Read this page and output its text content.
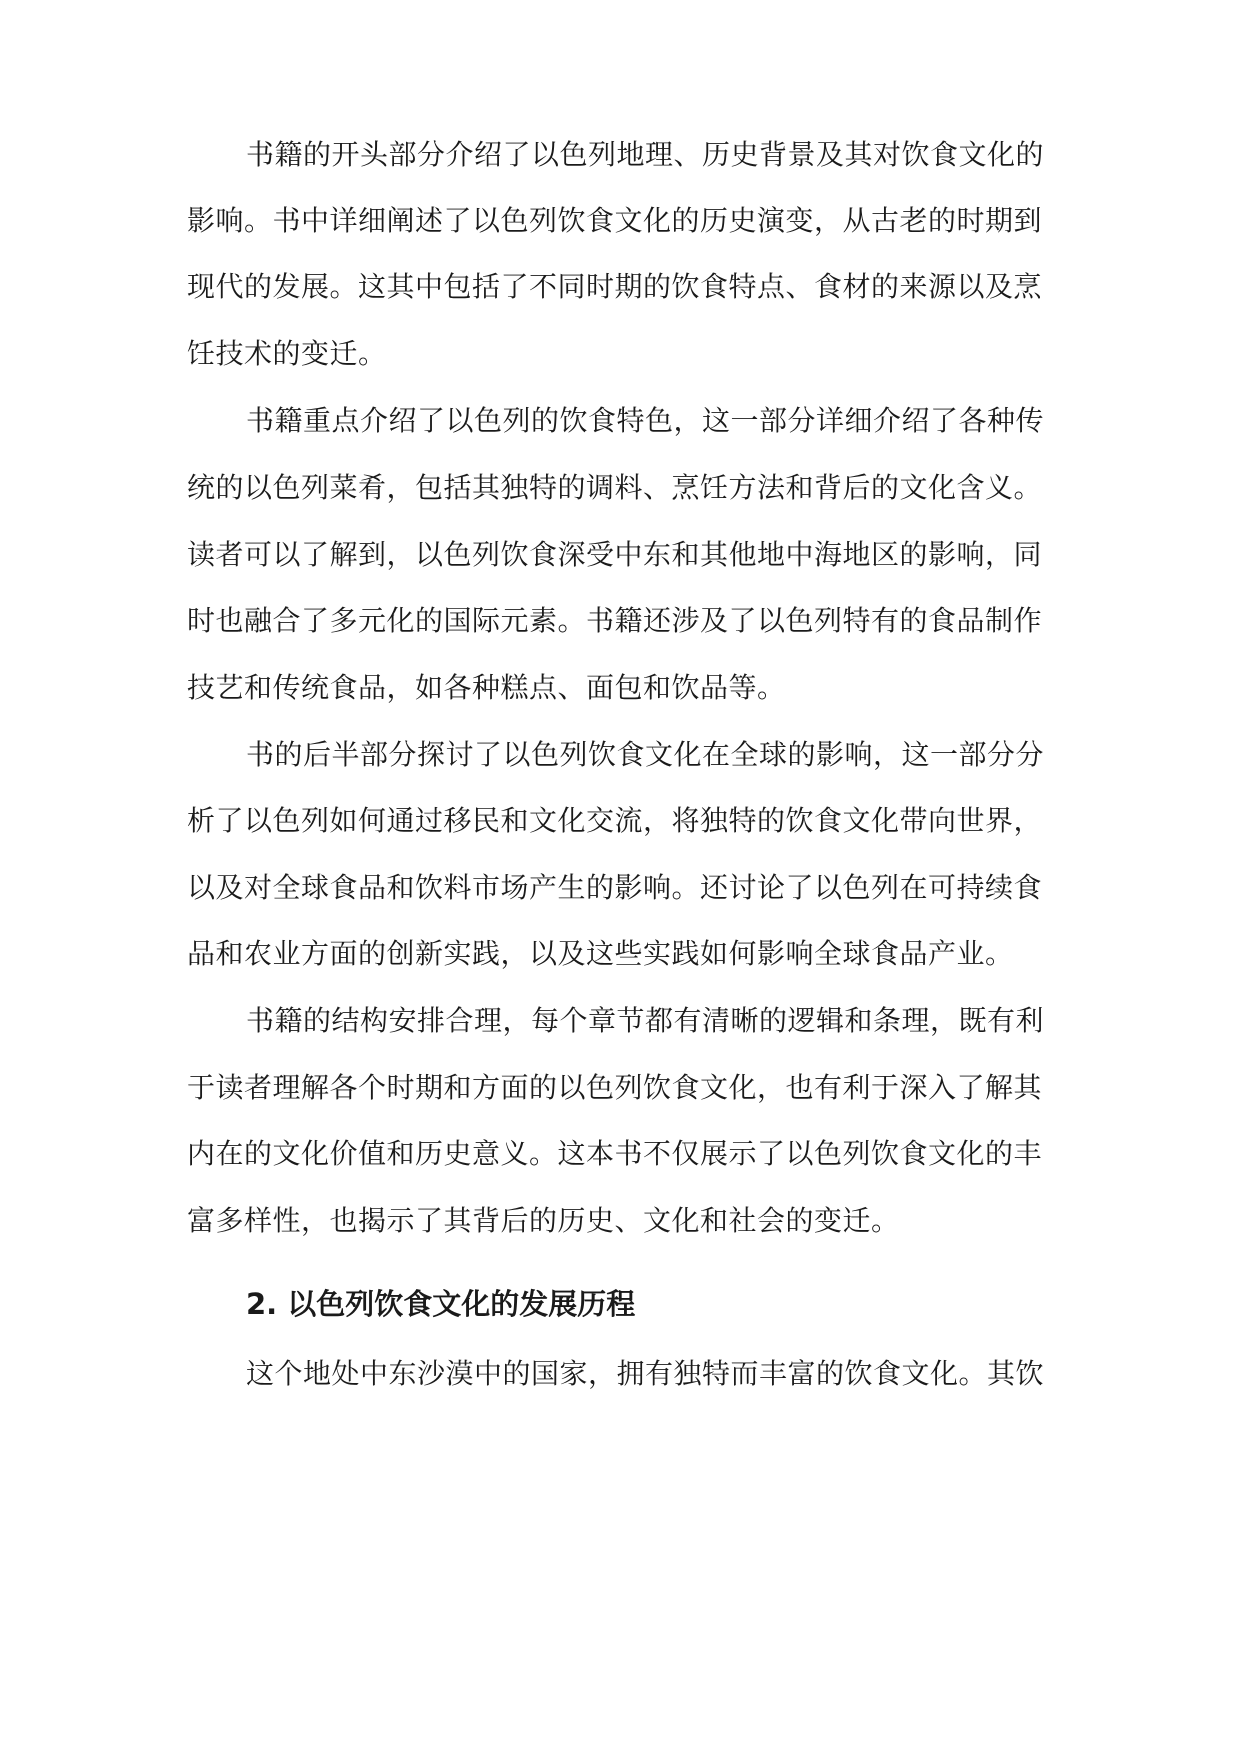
书籍的开头部分介绍了以色列地理、历史背景及其对饮食文化的
影响。书中详细阐述了以色列饮食文化的历史演变，从古老的时期到
现代的发展。这其中包括了不同时期的饮食特点、食材的来源以及烹
饪技术的变迁。
书籍重点介绍了以色列的饮食特色，这一部分详细介绍了各种传
统的以色列菜肴，包括其独特的调料、烹饪方法和背后的文化含义。
读者可以了解到，以色列饮食深受中东和其他地中海地区的影响，同
时也融合了多元化的国际元素。书籍还涉及了以色列特有的食品制作
技艺和传统食品，如各种糕点、面包和饮品等。
书的后半部分探讨了以色列饮食文化在全球的影响，这一部分分
析了以色列如何通过移民和文化交流，将独特的饮食文化带向世界，
以及对全球食品和饮料市场产生的影响。还讨论了以色列在可持续食
品和农业方面的创新实践，以及这些实践如何影响全球食品产业。
书籍的结构安排合理，每个章节都有清晰的逻辑和条理，既有利
于读者理解各个时期和方面的以色列饮食文化，也有利于深入了解其
内在的文化价值和历史意义。这本书不仅展示了以色列饮食文化的丰
富多样性，也揭示了其背后的历史、文化和社会的变迁。
2. 以色列饮食文化的发展历程
这个地处中东沙漠中的国家，拥有独特而丰富的饮食文化。其饮
